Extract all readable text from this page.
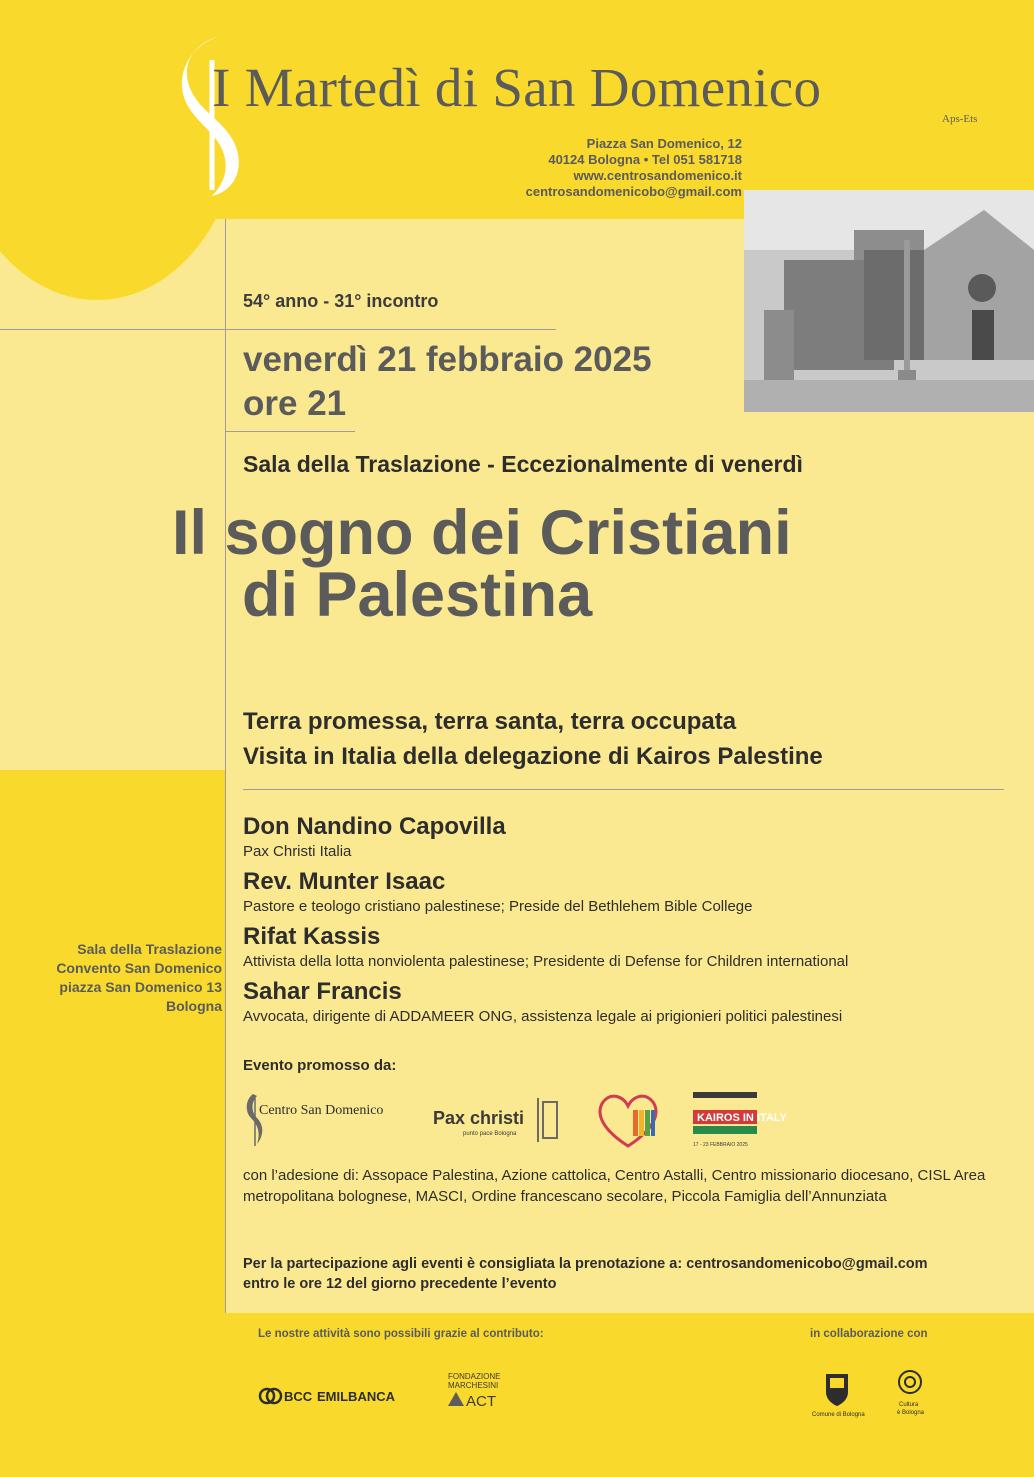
I Martedì di San Domenico
Aps-Ets
Piazza San Domenico, 12
40124 Bologna • Tel 051 581718
www.centrosandomenico.it
centrosandomenicobo@gmail.com
54° anno - 31° incontro
venerdì 21 febbraio 2025
ore 21
Sala della Traslazione - Eccezionalmente di venerdì
Il sogno dei Cristiani
di Palestina
Terra promessa, terra santa, terra occupata
Visita in Italia della delegazione di Kairos Palestine
Don Nandino Capovilla
Pax Christi Italia
Rev. Munter Isaac
Pastore e teologo cristiano palestinese; Preside del Bethlehem Bible College
Rifat Kassis
Attivista della lotta nonviolenta palestinese; Presidente di Defense for Children international
Sahar Francis
Avvocata, dirigente di ADDAMEER ONG, assistenza legale ai prigionieri politici palestinesi
Sala della Traslazione
Convento San Domenico
piazza San Domenico 13
Bologna
Evento promosso da:
Centro San Domenico	Pax christi
punto pace Bologna
KAIROS IN ITALY
17 - 23 FEBBRAIO 2025
con l’adesione di: Assopace Palestina, Azione cattolica, Centro Astalli, Centro missionario diocesano, CISL Area metropolitana bolognese, MASCI, Ordine francescano secolare, Piccola Famiglia dell’Annunziata
Per la partecipazione agli eventi è consigliata la prenotazione a: centrosandomenicobo@gmail.com
entro le ore 12 del giorno precedente l’evento
Le nostre attività sono possibili grazie al contributo:	in collaborazione con
BCC EMILBANCA
FONDAZIONE
MARCHESINI
ACT
Comune di Bologna
Cultura
è Bologna
